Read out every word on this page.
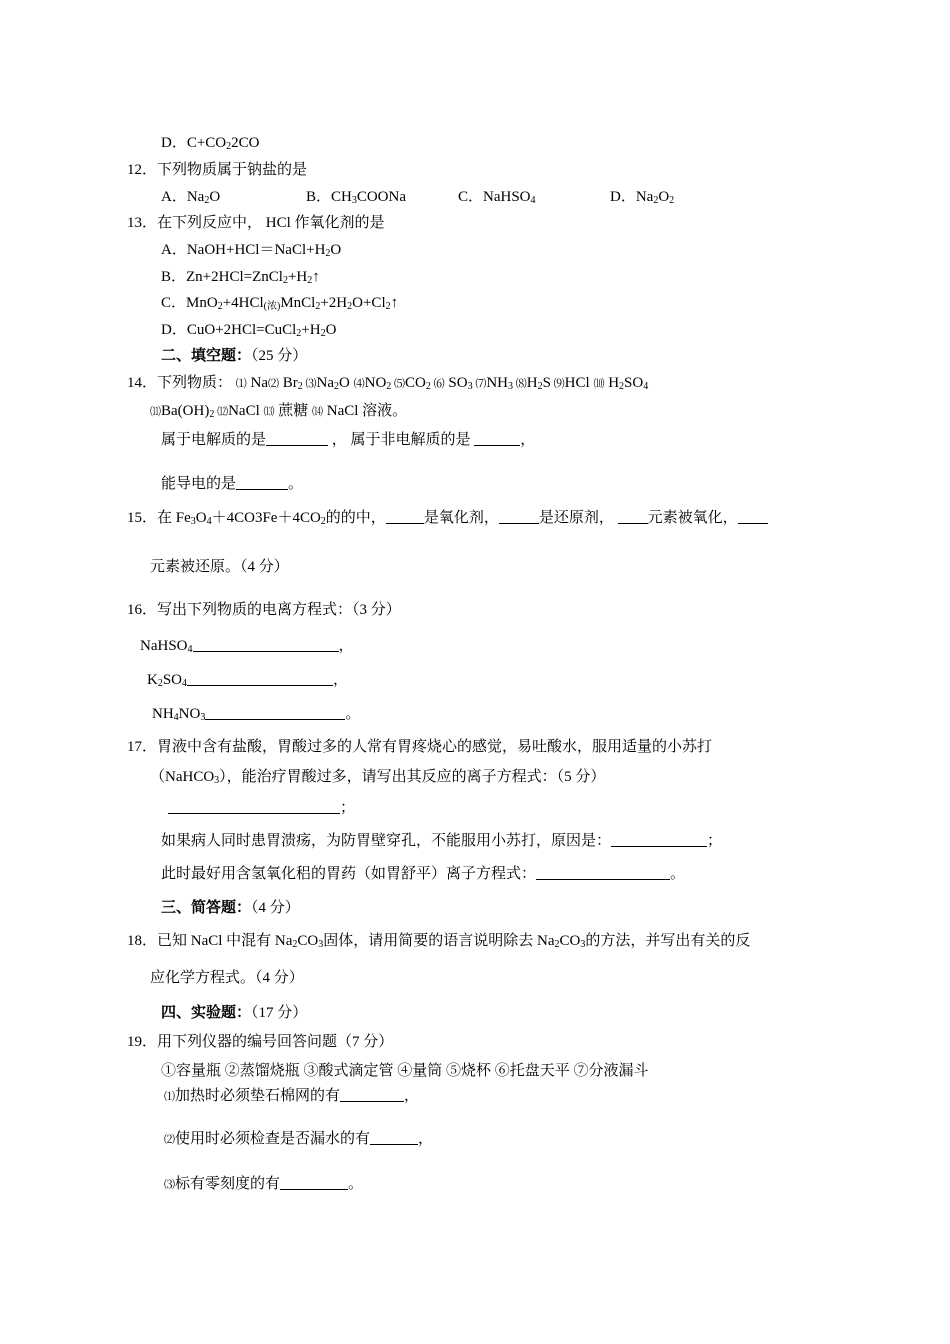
D．$C+CO_22CO$
12．下列物质属于钠盐的是
A．$Na_2O$	B．$CH_3COONa$	C．NaHSO$_4$	D．$Na_2O_2$
13．在下列反应中， HCl 作氧化剂的是
A．$NaOH+HCl=NaCl+H_2O$
B．$Zn+2HCl=ZnCl_2+H_2↑$
C．$MnO_2+4HCl_{(浓)}MnCl_2+2H_2O+Cl_2↑$
D．$CuO+2HCl=CuCl_2+H_2O$
二、填空题：（25 分）
14．下列物质： ⑴ Na⑵ $Br_2$ $⑶Na_2O$ $⑷NO_2$ $⑸CO_2$ ⑹ $SO_3$ $⑺NH_3$ $⑻H_2S$ ⑼HCl ⑽ $H_2SO_4$
$⑾Ba(OH)_2$ ⑿NaCl ⒀ 蔗糖 ⒁ NaCl 溶液。
属于电解质的是	， 属于非电解质的是	，
能导电的是	。
15．在 $Fe_3O_4+4CO3Fe+4CO_2$的的中，	是氧化剂，	是还原剂， 元素被氧化，
元素被还原。（4 分）
16．写出下列物质的电离方程式：（3 分）
NaHSO$_4$	，
$K_2SO_4$	，
$NH_4NO_3$	。
17．胃液中含有盐酸，胃酸过多的人常有胃疼烧心的感觉，易吐酸水，服用适量的小苏打
（NaHCO$_3$），能治疗胃酸过多，请写出其反应的离子方程式：（5 分）
；
如果病人同时患胃溃疡，为防胃壁穿孔，不能服用小苏打，原因是：	；
此时最好用含氢氧化稆的胃药（如胃舒平）离子方程式：	。
三、简答题：（4 分）
18．已知 NaCl 中混有 $Na_2CO_3$固体，请用简要的语言说明除去 $Na_2CO_3$的方法，并写出有关的反
应化学方程式。（4 分）
四、实验题：（17 分）
19．用下列仪器的编号回答问题（7 分）
①容量瓶 ②蒸馏烧瓶 ③酸式滴定管 ④量筒 ⑤烧杯 ⑥托盘天平 ⑦分液漏斗
⑴加热时必须垫石棉网的有	，
⑵使用时必须检查是否漏水的有	，
⑶标有零刻度的有	。
